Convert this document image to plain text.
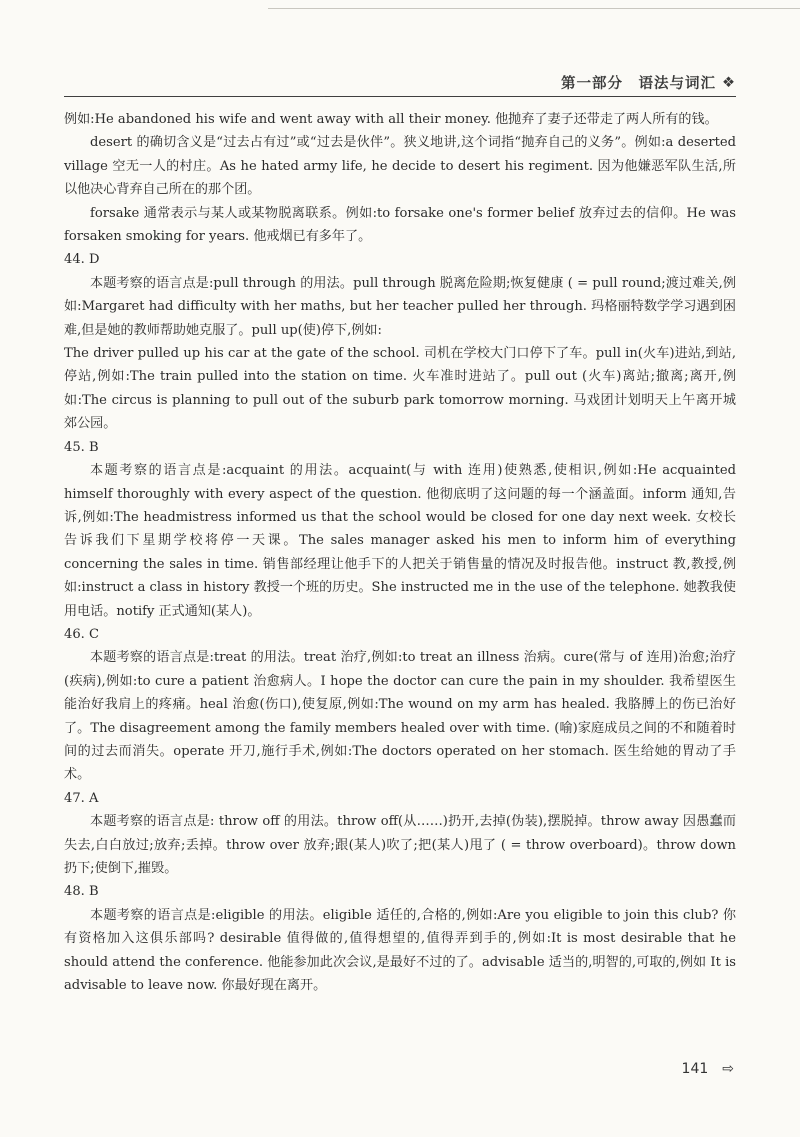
第一部分　语法与词汇 ❖

例如:He abandoned his wife and went away with all their money. 他抛弃了妻子还带走了两人所有的钱。

desert 的确切含义是“过去占有过”或“过去是伙伴”。狭义地讲,这个词指“抛弃自己的义务”。例如:a deserted village 空无一人的村庄。As he hated army life, he decide to desert his regiment. 因为他嫌恶军队生活,所以他决心背弃自己所在的那个团。

forsake 通常表示与某人或某物脱离联系。例如:to forsake one's former belief 放弃过去的信仰。He was forsaken smoking for years. 他戒烟已有多年了。

44. D

本题考察的语言点是:pull through 的用法。pull through 脱离危险期;恢复健康 ( = pull round;渡过难关,例如:Margaret had difficulty with her maths, but her teacher pulled her through. 玛格丽特数学学习遇到困难,但是她的教师帮助她克服了。pull up(使)停下,例如:

The driver pulled up his car at the gate of the school. 司机在学校大门口停下了车。pull in(火车)进站,到站,停站,例如:The train pulled into the station on time. 火车准时进站了。pull out (火车)离站;撤离;离开,例如:The circus is planning to pull out of the suburb park tomorrow morning. 马戏团计划明天上午离开城郊公园。

45. B

本题考察的语言点是:acquaint 的用法。acquaint(与 with 连用)使熟悉,使相识,例如:He acquainted himself thoroughly with every aspect of the question. 他彻底明了这问题的每一个涵盖面。inform 通知,告诉,例如:The headmistress informed us that the school would be closed for one day next week. 女校长告诉我们下星期学校将停一天课。The sales manager asked his men to inform him of everything concerning the sales in time. 销售部经理让他手下的人把关于销售量的情况及时报告他。instruct 教,教授,例如:instruct a class in history 教授一个班的历史。She instructed me in the use of the telephone. 她教我使用电话。notify 正式通知(某人)。

46. C

本题考察的语言点是:treat 的用法。treat 治疗,例如:to treat an illness 治病。cure(常与 of 连用)治愈;治疗(疾病),例如:to cure a patient 治愈病人。I hope the doctor can cure the pain in my shoulder. 我希望医生能治好我肩上的疼痛。heal 治愈(伤口),使复原,例如:The wound on my arm has healed. 我胳膊上的伤已治好了。The disagreement among the family members healed over with time. (喻)家庭成员之间的不和随着时间的过去而消失。operate 开刀,施行手术,例如:The doctors operated on her stomach. 医生给她的胃动了手术。

47. A

本题考察的语言点是: throw off 的用法。throw off(从……)扔开,去掉(伪装),摆脱掉。throw away 因愚蠢而失去,白白放过;放弃;丢掉。throw over 放弃;跟(某人)吹了;把(某人)甩了 ( = throw overboard)。throw down 扔下;使倒下,摧毁。

48. B

本题考察的语言点是:eligible 的用法。eligible 适任的,合格的,例如:Are you eligible to join this club? 你有资格加入这俱乐部吗? desirable 值得做的,值得想望的,值得弄到手的,例如:It is most desirable that he should attend the conference. 他能参加此次会议,是最好不过的了。advisable 适当的,明智的,可取的,例如 It is advisable to leave now. 你最好现在离开。

141 ⇨
